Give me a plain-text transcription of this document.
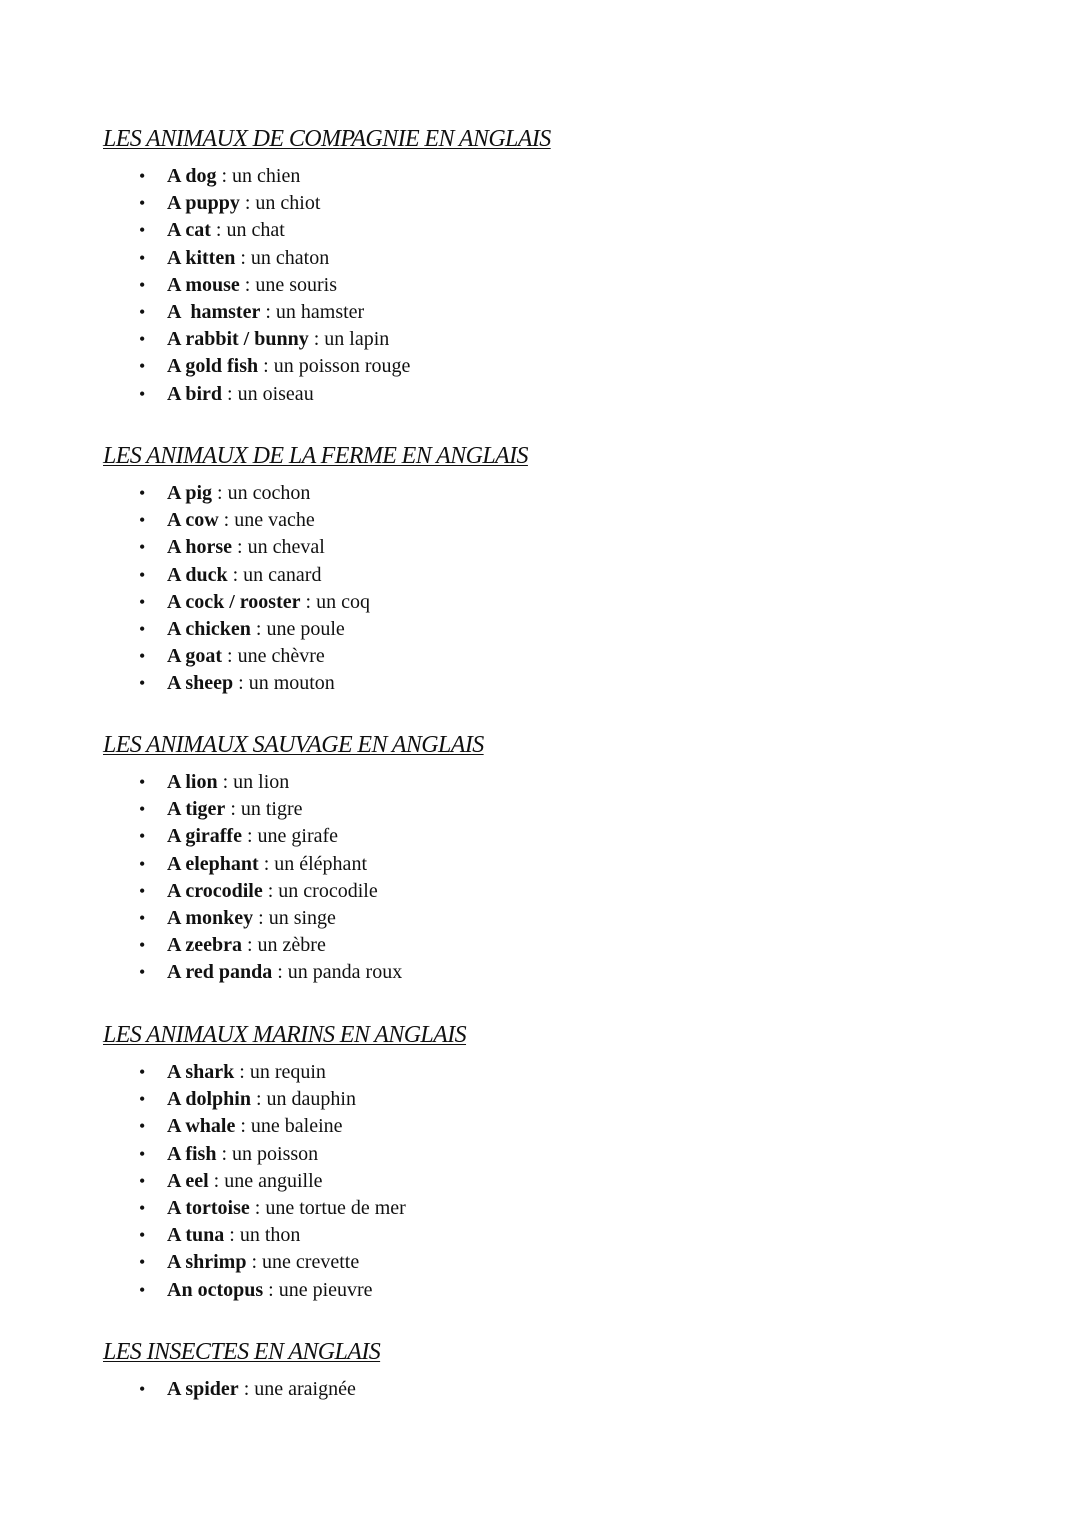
LES ANIMAUX DE COMPAGNIE EN ANGLAIS
• A dog : un chien
• A puppy : un chiot
• A cat : un chat
• A kitten : un chaton
• A mouse : une souris
• A  hamster : un hamster
• A rabbit / bunny : un lapin
• A gold fish : un poisson rouge
• A bird : un oiseau
LES ANIMAUX DE LA FERME EN ANGLAIS
• A pig : un cochon
• A cow : une vache
• A horse : un cheval
• A duck : un canard
• A cock / rooster : un coq
• A chicken : une poule
• A goat : une chèvre
• A sheep : un mouton
LES ANIMAUX SAUVAGE EN ANGLAIS
• A lion : un lion
• A tiger : un tigre
• A giraffe : une girafe
• A elephant : un éléphant
• A crocodile : un crocodile
• A monkey : un singe
• A zeebra : un zèbre
• A red panda : un panda roux
LES ANIMAUX MARINS EN ANGLAIS
• A shark : un requin
• A dolphin : un dauphin
• A whale : une baleine
• A fish : un poisson
• A eel : une anguille
• A tortoise : une tortue de mer
• A tuna : un thon
• A shrimp : une crevette
• An octopus : une pieuvre
LES INSECTES EN ANGLAIS
• A spider : une araignée
